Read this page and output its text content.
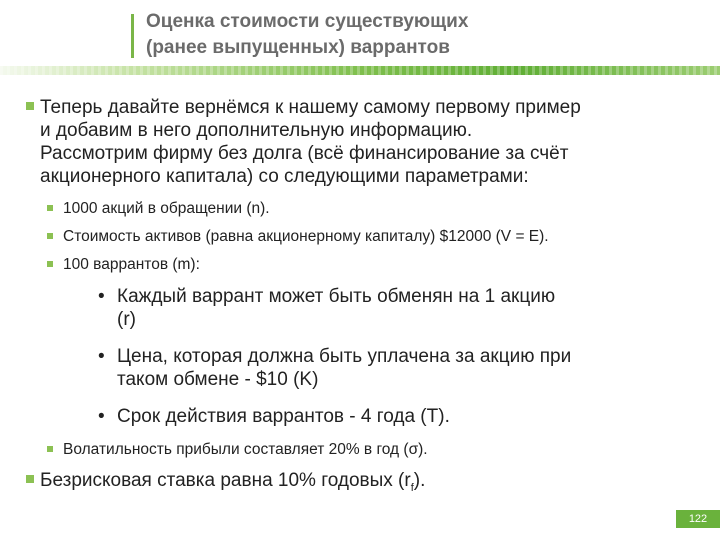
Оценка стоимости существующих
(ранее выпущенных) варрантов
Теперь давайте вернёмся к нашему самому первому пример
и добавим в него дополнительную информацию.
Рассмотрим фирму без долга (всё финансирование за счёт
акционерного капитала) со следующими параметрами:
1000 акций в обращении (n).
Стоимость активов (равна акционерному капиталу) $12000 (V = E).
100 варрантов (m):
• Каждый варрант может быть обменян на 1 акцию
(r)
• Цена, которая должна быть уплачена за акцию при
таком обмене - $10 (K)
• Срок действия варрантов - 4 года (T).
Волатильность прибыли составляет 20% в год (σ).
Безрисковая ставка равна 10% годовых $(r_f)$.
122
